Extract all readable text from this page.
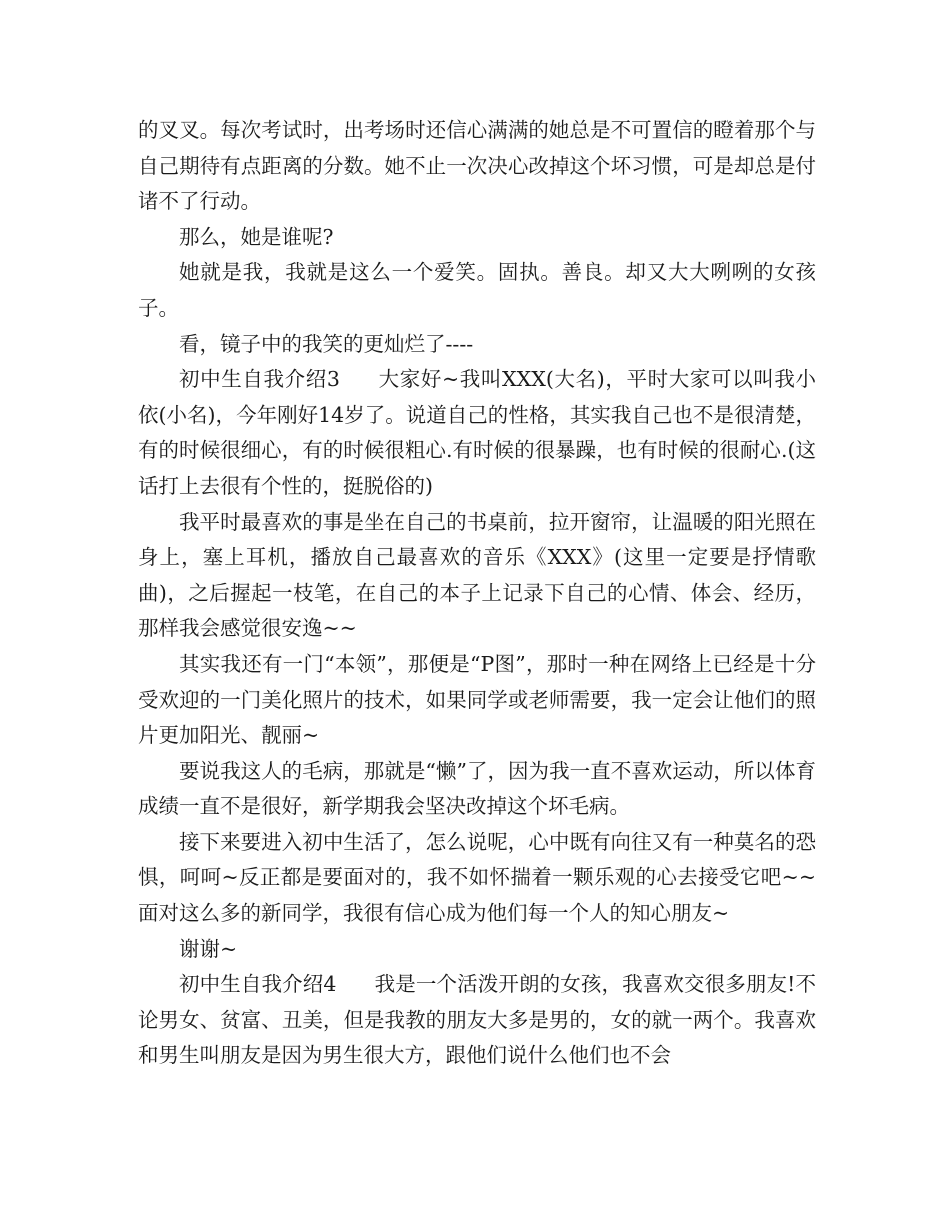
的叉叉。每次考试时，出考场时还信心满满的她总是不可置信的瞪着那个与自己期待有点距离的分数。她不止一次决心改掉这个坏习惯，可是却总是付诸不了行动。

那么，她是谁呢?

她就是我，我就是这么一个爱笑。固执。善良。却又大大咧咧的女孩子。

看，镜子中的我笑的更灿烂了----

初中生自我介绍3 大家好~我叫XXX(大名)，平时大家可以叫我小依(小名)，今年刚好14岁了。说道自己的性格，其实我自己也不是很清楚，有的时候很细心，有的时候很粗心.有时候的很暴躁，也有时候的很耐心.(这话打上去很有个性的，挺脱俗的)

我平时最喜欢的事是坐在自己的书桌前，拉开窗帘，让温暖的阳光照在身上，塞上耳机，播放自己最喜欢的音乐《XXX》(这里一定要是抒情歌曲)，之后握起一枝笔，在自己的本子上记录下自己的心情、体会、经历，那样我会感觉很安逸~~

其实我还有一门“本领”，那便是“P图”，那时一种在网络上已经是十分受欢迎的一门美化照片的技术，如果同学或老师需要，我一定会让他们的照片更加阳光、靓丽~

要说我这人的毛病，那就是“懒”了，因为我一直不喜欢运动，所以体育成绩一直不是很好，新学期我会坚决改掉这个坏毛病。

接下来要进入初中生活了，怎么说呢，心中既有向往又有一种莫名的恐惧，呵呵~反正都是要面对的，我不如怀揣着一颗乐观的心去接受它吧~~面对这么多的新同学，我很有信心成为他们每一个人的知心朋友~

谢谢~

初中生自我介绍4 我是一个活泼开朗的女孩，我喜欢交很多朋友!不论男女、贫富、丑美，但是我教的朋友大多是男的，女的就一两个。我喜欢和男生叫朋友是因为男生很大方，跟他们说什么他们也不会
